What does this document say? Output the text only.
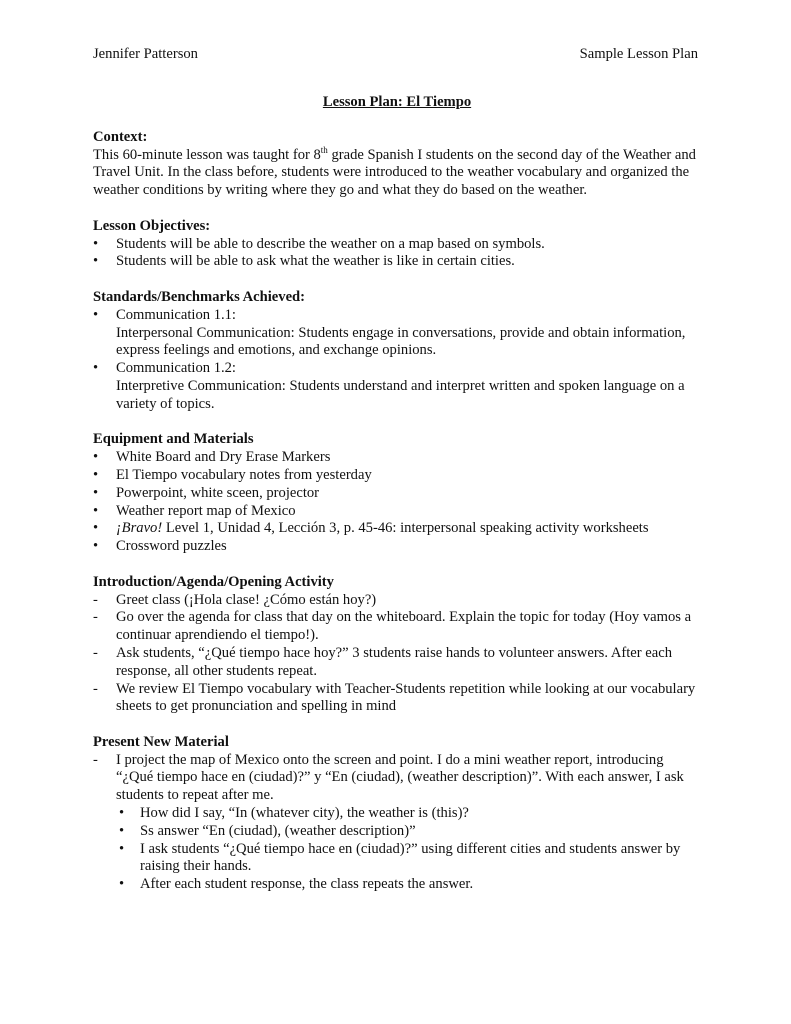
Jennifer Patterson	Sample Lesson Plan
Lesson Plan: El Tiempo
Context:

This 60-minute lesson was taught for 8th grade Spanish I students on the second day of the Weather and Travel Unit. In the class before, students were introduced to the weather vocabulary and organized the weather conditions by writing where they go and what they do based on the weather.

Lesson Objectives:
• Students will be able to describe the weather on a map based on symbols.
• Students will be able to ask what the weather is like in certain cities.
Standards/Benchmarks Achieved:
• Communication 1.1:
Interpersonal Communication: Students engage in conversations, provide and obtain information, express feelings and emotions, and exchange opinions.
• Communication 1.2:
Interpretive Communication: Students understand and interpret written and spoken language on a variety of topics.
Equipment and Materials
• White Board and Dry Erase Markers
• El Tiempo vocabulary notes from yesterday
• Powerpoint, white sceen, projector
• Weather report map of Mexico
• ¡Bravo! Level 1, Unidad 4, Lección 3, p. 45-46: interpersonal speaking activity worksheets
• Crossword puzzles
Introduction/Agenda/Opening Activity
- Greet class (¡Hola clase! ¿Cómo están hoy?)
- Go over the agenda for class that day on the whiteboard. Explain the topic for today (Hoy vamos a continuar aprendiendo el tiempo!).
- Ask students, “¿Qué tiempo hace hoy?” 3 students raise hands to volunteer answers. After each response, all other students repeat.
- We review El Tiempo vocabulary with Teacher-Students repetition while looking at our vocabulary sheets to get pronunciation and spelling in mind
Present New Material
- I project the map of Mexico onto the screen and point. I do a mini weather report, introducing “¿Qué tiempo hace en (ciudad)?” y “En (ciudad), (weather description)”. With each answer, I ask students to repeat after me.
• How did I say, “In (whatever city), the weather is (this)?
• Ss answer “En (ciudad), (weather description)”
• I ask students “¿Qué tiempo hace en (ciudad)?” using different cities and students answer by raising their hands.
• After each student response, the class repeats the answer.
